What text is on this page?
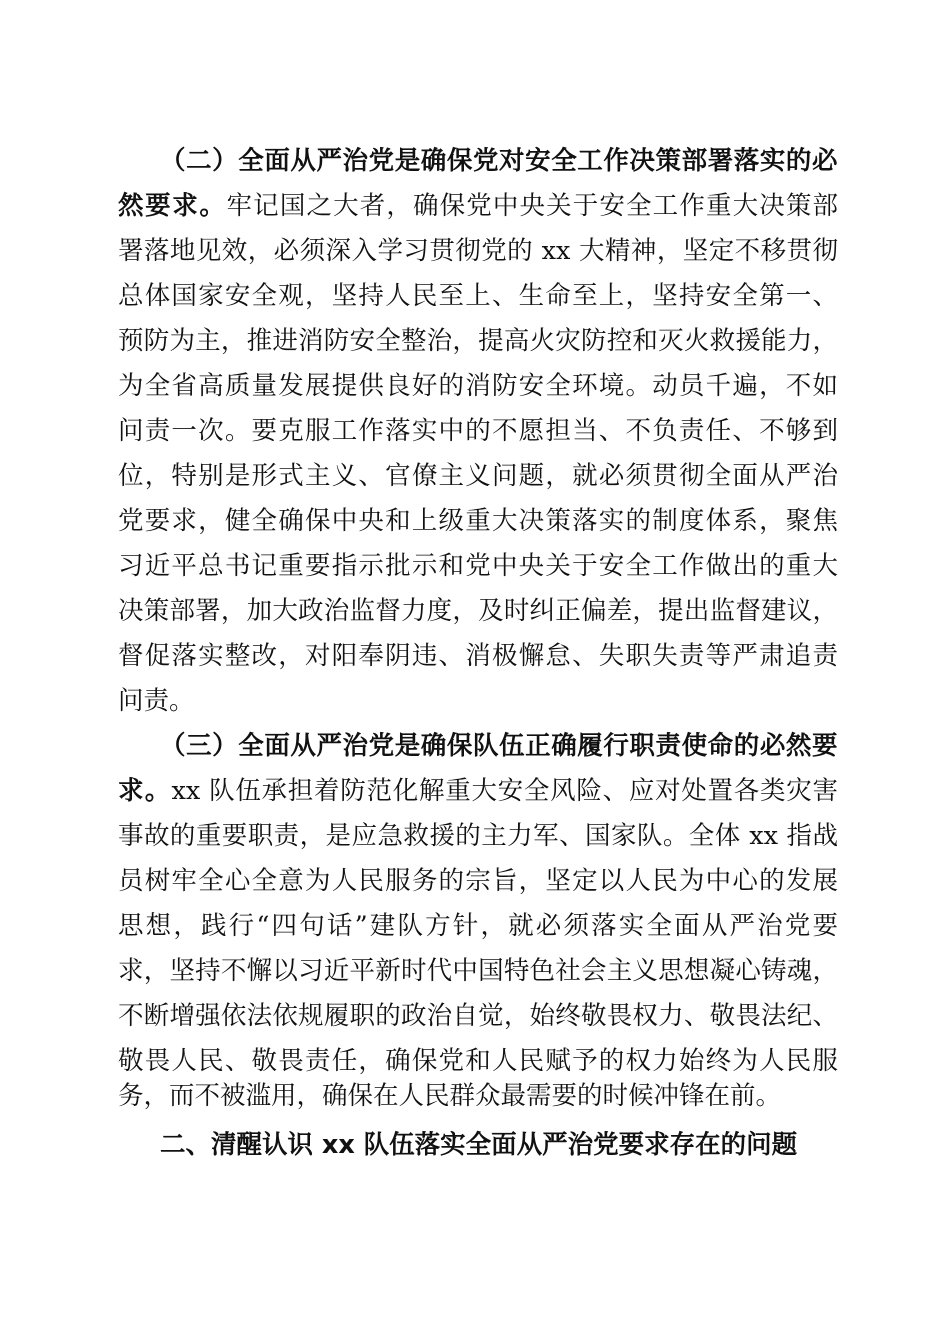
（二）全面从严治党是确保党对安全工作决策部署落实的必
然要求。牢记国之大者，确保党中央关于安全工作重大决策部
署落地见效，必须深入学习贯彻党的 xx 大精神，坚定不移贯彻
总体国家安全观，坚持人民至上、生命至上，坚持安全第一、
预防为主，推进消防安全整治，提高火灾防控和灭火救援能力，
为全省高质量发展提供良好的消防安全环境。动员千遍，不如
问责一次。要克服工作落实中的不愿担当、不负责任、不够到
位，特别是形式主义、官僚主义问题，就必须贯彻全面从严治
党要求，健全确保中央和上级重大决策落实的制度体系，聚焦
习近平总书记重要指示批示和党中央关于安全工作做出的重大
决策部署，加大政治监督力度，及时纠正偏差，提出监督建议，
督促落实整改，对阳奉阴违、消极懈怠、失职失责等严肃追责
问责。
（三）全面从严治党是确保队伍正确履行职责使命的必然要
求。xx 队伍承担着防范化解重大安全风险、应对处置各类灾害
事故的重要职责，是应急救援的主力军、国家队。全体 xx 指战
员树牢全心全意为人民服务的宗旨，坚定以人民为中心的发展
思想，践行“四句话”建队方针，就必须落实全面从严治党要
求，坚持不懈以习近平新时代中国特色社会主义思想凝心铸魂，
不断增强依法依规履职的政治自觉，始终敬畏权力、敬畏法纪、
敬畏人民、敬畏责任，确保党和人民赋予的权力始终为人民服
务，而不被滥用，确保在人民群众最需要的时候冲锋在前。
二、清醒认识 xx 队伍落实全面从严治党要求存在的问题
